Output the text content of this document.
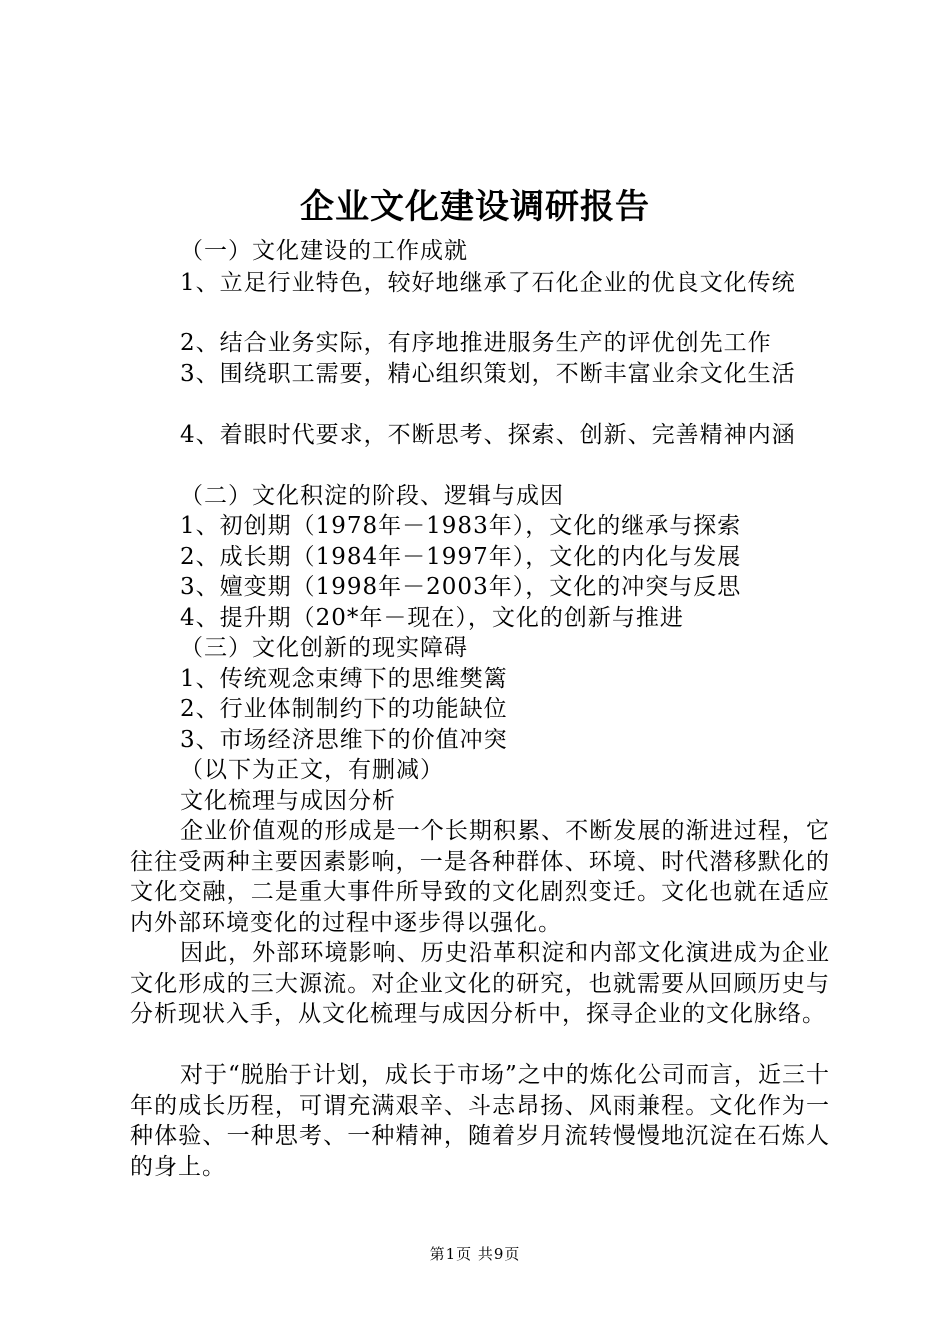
企业文化建设调研报告
（一）文化建设的工作成就
1、立足行业特色，较好地继承了石化企业的优良文化传统
2、结合业务实际，有序地推进服务生产的评优创先工作
3、围绕职工需要，精心组织策划，不断丰富业余文化生活
4、着眼时代要求，不断思考、探索、创新、完善精神内涵
（二）文化积淀的阶段、逻辑与成因
1、初创期（1978年－1983年），文化的继承与探索
2、成长期（1984年－1997年），文化的内化与发展
3、嬗变期（1998年－2003年），文化的冲突与反思
4、提升期（20*年－现在），文化的创新与推进
（三）文化创新的现实障碍
1、传统观念束缚下的思维樊篱
2、行业体制制约下的功能缺位
3、市场经济思维下的价值冲突
（以下为正文，有删减）
文化梳理与成因分析
企业价值观的形成是一个长期积累、不断发展的渐进过程，它往往受两种主要因素影响，一是各种群体、环境、时代潜移默化的文化交融，二是重大事件所导致的文化剧烈变迁。文化也就在适应内外部环境变化的过程中逐步得以强化。
因此，外部环境影响、历史沿革积淀和内部文化演进成为企业文化形成的三大源流。对企业文化的研究，也就需要从回顾历史与分析现状入手，从文化梳理与成因分析中，探寻企业的文化脉络。
对于“脱胎于计划，成长于市场”之中的炼化公司而言，近三十年的成长历程，可谓充满艰辛、斗志昂扬、风雨兼程。文化作为一种体验、一种思考、一种精神，随着岁月流转慢慢地沉淀在石炼人的身上。
第1页 共9页
